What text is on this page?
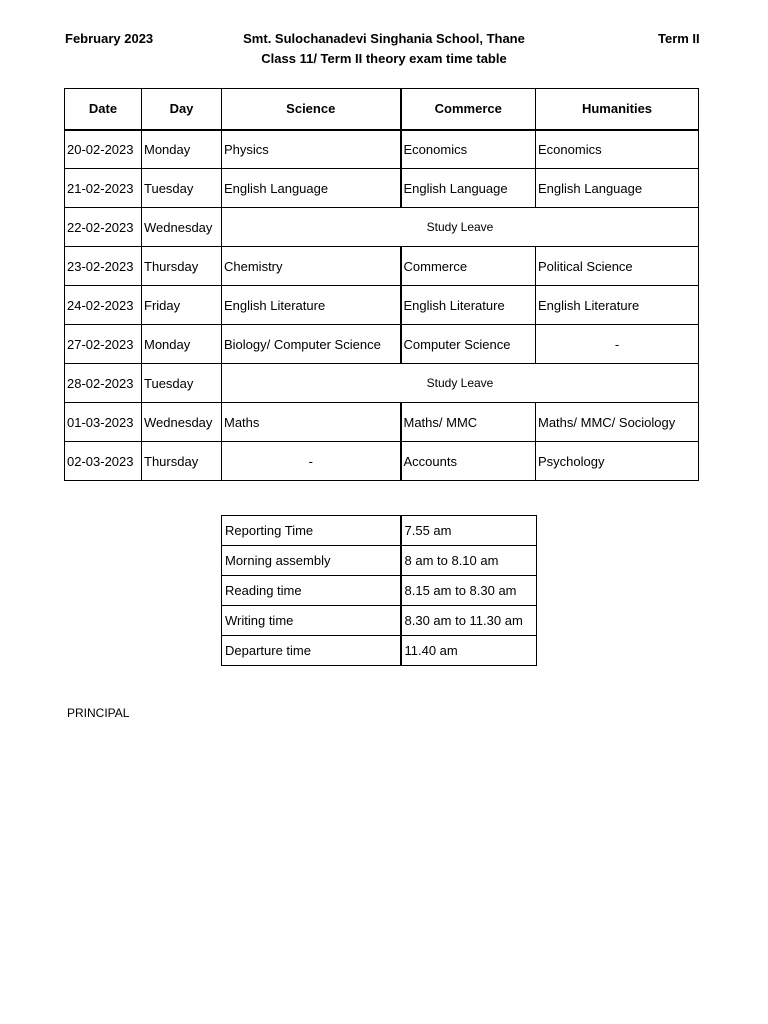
February 2023	Smt. Sulochanadevi Singhania School, Thane
Class 11/ Term II theory exam time table
Term II
Date	Day	Science	Commerce	Humanities
20-02-2023	Monday	Physics	Economics	Economics
21-02-2023	Tuesday	English Language	English Language	English Language
22-02-2023	Wednesday	Study Leave		
23-02-2023	Thursday	Chemistry	Commerce	Political Science
24-02-2023	Friday	English Literature	English Literature	English Literature
27-02-2023	Monday	Biology/ Computer Science	Computer Science	-
28-02-2023	Tuesday	Study Leave		
01-03-2023	Wednesday	Maths	Maths/ MMC	Maths/ MMC/ Sociology
02-03-2023	Thursday	-	Accounts	Psychology
Reporting Time	7.55 am
Morning assembly	8 am to 8.10 am
Reading time	8.15 am to 8.30 am
Writing time	8.30 am to 11.30 am
Departure time	11.40 am
PRINCIPAL
